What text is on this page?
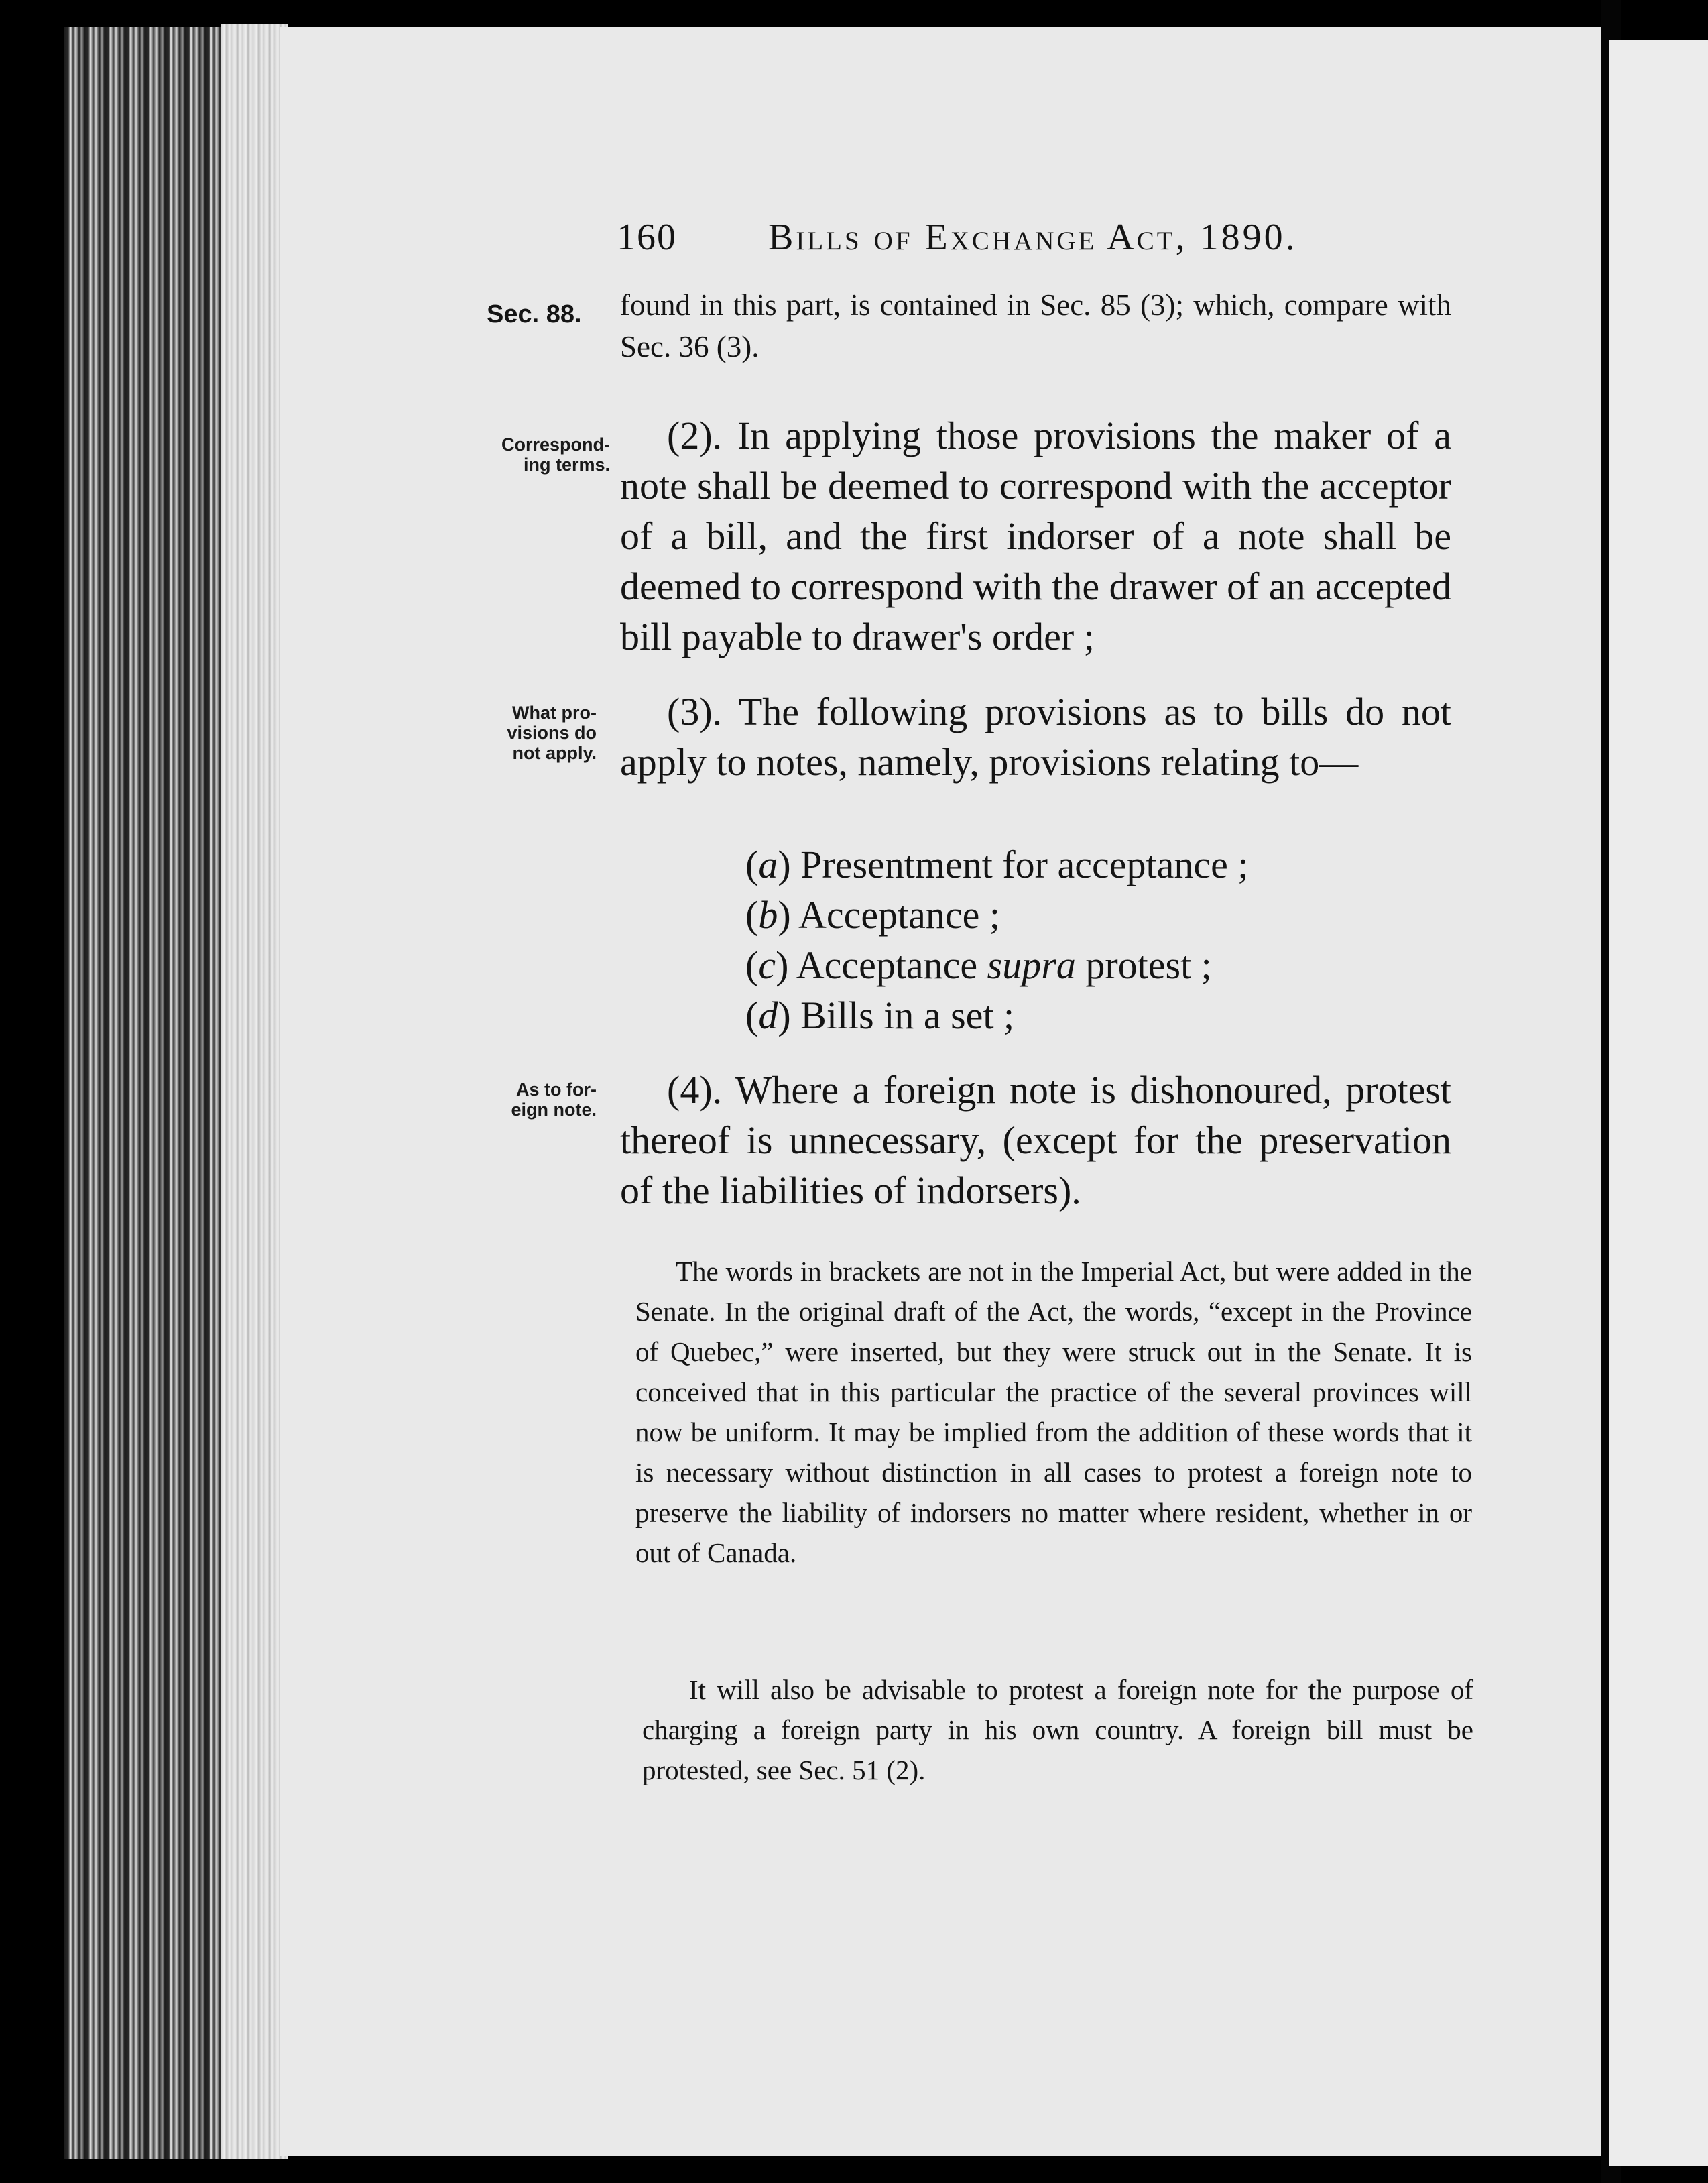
160 Bills of Exchange Act, 1890.
Sec. 88. found in this part, is contained in Sec. 85 (3); which, compare with Sec. 36 (3).
Correspond-
ing terms.
(2). In applying those provisions the maker of a note shall be deemed to correspond with the acceptor of a bill, and the first indorser of a note shall be deemed to correspond with the drawer of an accepted bill payable to drawer's order ;
What pro-
visions do
not apply.
(3). The following provisions as to bills do not apply to notes, namely, provisions relating to—
(a) Presentment for acceptance ;
(b) Acceptance ;
(c) Acceptance supra protest ;
(d) Bills in a set ;
As to for-
eign note.	(4). Where a foreign note is dishonoured, protest thereof is unnecessary, (except for the preservation of the liabilities of indorsers).
The words in brackets are not in the Imperial Act, but were added in the Senate. In the original draft of the Act, the words, “except in the Province of Quebec,” were inserted, but they were struck out in the Senate. It is conceived that in this particular the practice of the several provinces will now be uniform. It may be implied from the addition of these words that it is necessary without distinction in all cases to protest a foreign note to preserve the liability of indorsers no matter where resident, whether in or out of Canada.
It will also be advisable to protest a foreign note for the purpose of charging a foreign party in his own country. A foreign bill must be protested, see Sec. 51 (2).
